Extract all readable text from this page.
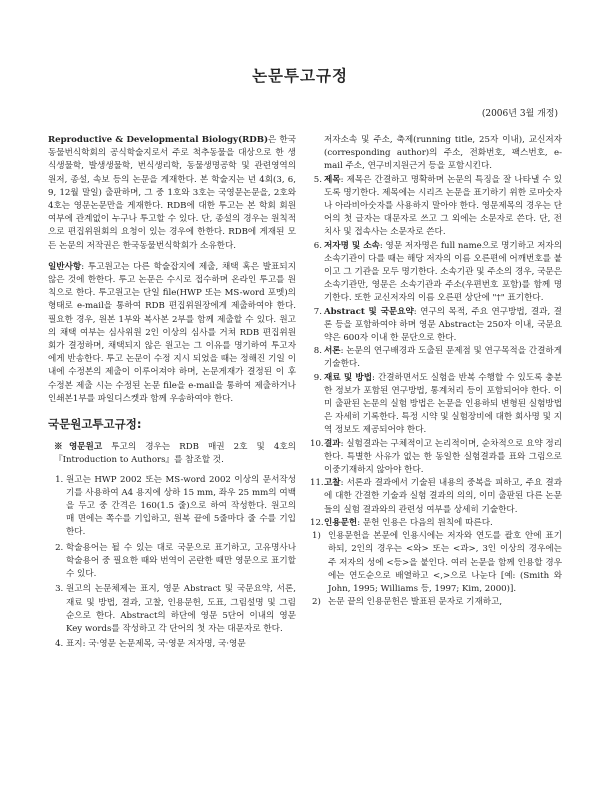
논문투고규정
(2006년 3월 개정)

Reproductive & Developmental Biology(RDB)은 한국동물번식학회의 공식학술지로서 주로 척추동물을 대상으로 한 생식생물학, 발생생물학, 번식생리학, 동물생명공학 및 관련영역의 원저, 종설, 속보 등의 논문을 게재한다. 본 학술지는 년 4회(3, 6, 9, 12월 말일) 출판하며, 그 중 1호와 3호는 국영문논문을, 2호와 4호는 영문논문만을 게재한다. RDB에 대한 투고는 본 학회 회원여부에 관계없이 누구나 투고할 수 있다. 단, 종설의 경우는 원칙적으로 편집위원회의 요청이 있는 경우에 한한다. RDB에 게재된 모든 논문의 저작권은 한국동물번식학회가 소유한다.

일반사항: 투고원고는 다른 학술잡지에 제출, 채택 혹은 발표되지 않은 것에 한한다. 투고 논문은 수시로 접수하며 온라인 투고를 원칙으로 한다. 투고원고는 단일 file(HWP 또는 MS-word 포멧)의 형태로 e-mail을 통하여 RDB 편집위원장에게 제출하여야 한다. 필요한 경우, 원본 1부와 복사본 2부를 함께 제출할 수 있다. 원고의 채택 여부는 심사위원 2인 이상의 심사를 거쳐 RDB 편집위원회가 결정하며, 채택되지 않은 원고는 그 이유를 명기하여 투고자에게 반송한다. 투고 논문이 수정 지시 되었을 때는 정해진 기일 이내에 수정본의 제출이 이루어져야 하며, 논문게재가 결정된 이 후 수정본 제출 시는 수정된 논문 file을 e-mail을 통하여 제출하거나 인쇄본1부를 파일디스켓과 함께 우송하여야 한다.

국문원고투고규정:

※영문원고 투고의 경우는 RDB 매권 2호 및 4호의 『Introduction to Authors』를 참조할 것.

1. 원고는 HWP 2002 또는 MS-word 2002 이상의 문서작성기를 사용하여 A4 용지에 상하 15 mm, 좌우 25 mm의 여백을 두고 중 간격은 160(1.5 줄)으로 하여 작성한다. 원고의 매 면에는 쪽수를 기입하고, 원복 끝에 5줄마다 줄 수를 기입한다.
2. 학술용어는 될 수 있는 대로 국문으로 표기하고, 고유명사나 학술용어 중 필요한 때와 번역이 곤란한 때만 영문으로 표기할 수 있다.
3. 원고의 논문체제는 표지, 영문 Abstract 및 국문요약, 서론, 재료 및 방법, 결과, 고찰, 인용문헌, 도표, 그림설명 및 그림 순으로 한다. Abstract의 하단에 영문 5단어 이내의 영문 Key words를 작성하고 각 단어의 첫 자는 대문자로 한다.
4. 표지: 국·영문 논문제목, 국·영문 저자명, 국·영문

저자소속 및 주소, 축제(running title, 25자 이내), 교신저자(corresponding author)의 주소, 전화번호, 팩스번호, e-mail 주소, 연구비지원근거 등을 포함시킨다.

5. 제목: 제목은 간결하고 명확하며 논문의 특징을 잘 나타낼 수 있도록 명기한다. 제목에는 시리즈 논문을 표기하기 위한 로마숫자나 아라비아숫자를 사용하지 말아야 한다. 영문제목의 경우는 단어의 첫 글자는 대문자로 쓰고 그 외에는 소문자로 쓴다. 단, 전치사 및 접속사는 소문자로 쓴다.
6. 저자명 및 소속: 영문 저자명은 full name으로 명기하고 저자의 소속기관이 다를 때는 해당 저자의 이름 오른편에 어깨번호를 붙이고 그 기관을 모두 명기한다. 소속기관 및 주소의 경우, 국문은 소속기관만, 영문은 소속기관과 주소(우편번호 포함)를 함께 명기한다. 또한 교신저자의 이름 오른편 상단에 "†" 표기한다.
7. Abstract 및 국문요약: 연구의 목적, 주요 연구방법, 결과, 결론 등을 포함하여야 하며 영문 Abstract는 250자 이내, 국문요약은 600자 이내 한 문단으로 한다.
8. 서론: 논문의 연구배경과 도출된 문제점 및 연구목적을 간결하게 기술한다.
9. 재료 및 방법: 간결하면서도 실험을 반복 수행할 수 있도록 충분한 정보가 포함된 연구방법, 통계처리 등이 포함되어야 한다. 이미 출판된 논문의 실험 방법은 논문을 인용하되 변형된 실험방법은 자세히 기록한다. 특정 시약 및 실험장비에 대한 회사명 및 지역 정보도 제공되어야 한다.
10. 결과: 실험결과는 구체적이고 논리적이며, 순차적으로 요약 정리한다. 특별한 사유가 없는 한 동일한 실험결과를 표와 그림으로 이중기재하지 않아야 한다.
11. 고찰: 서론과 결과에서 기술된 내용의 중복을 피하고, 주요 결과에 대한 간결한 기술과 실험 결과의 의의, 이미 출판된 다른 논문들의 실험 결과와의 관련성 여부를 상세히 기술한다.
12. 인용문헌: 문헌 인용은 다음의 원칙에 따른다.
1) 인용문헌을 본문에 인용시에는 저자와 연도를 괄호 안에 표기하되, 2인의 경우는 <와> 또는 <과>, 3인 이상의 경우에는 주 저자의 성에 <등>을 붙인다. 여러 논문을 함께 인용할 경우에는 연도순으로 배열하고 <,>으로 나눈다 [예: (Smith 와 John, 1995; Williams 등, 1997; Kim, 2000)].
2) 논문 끝의 인용문헌은 발표된 문자로 기재하고,
